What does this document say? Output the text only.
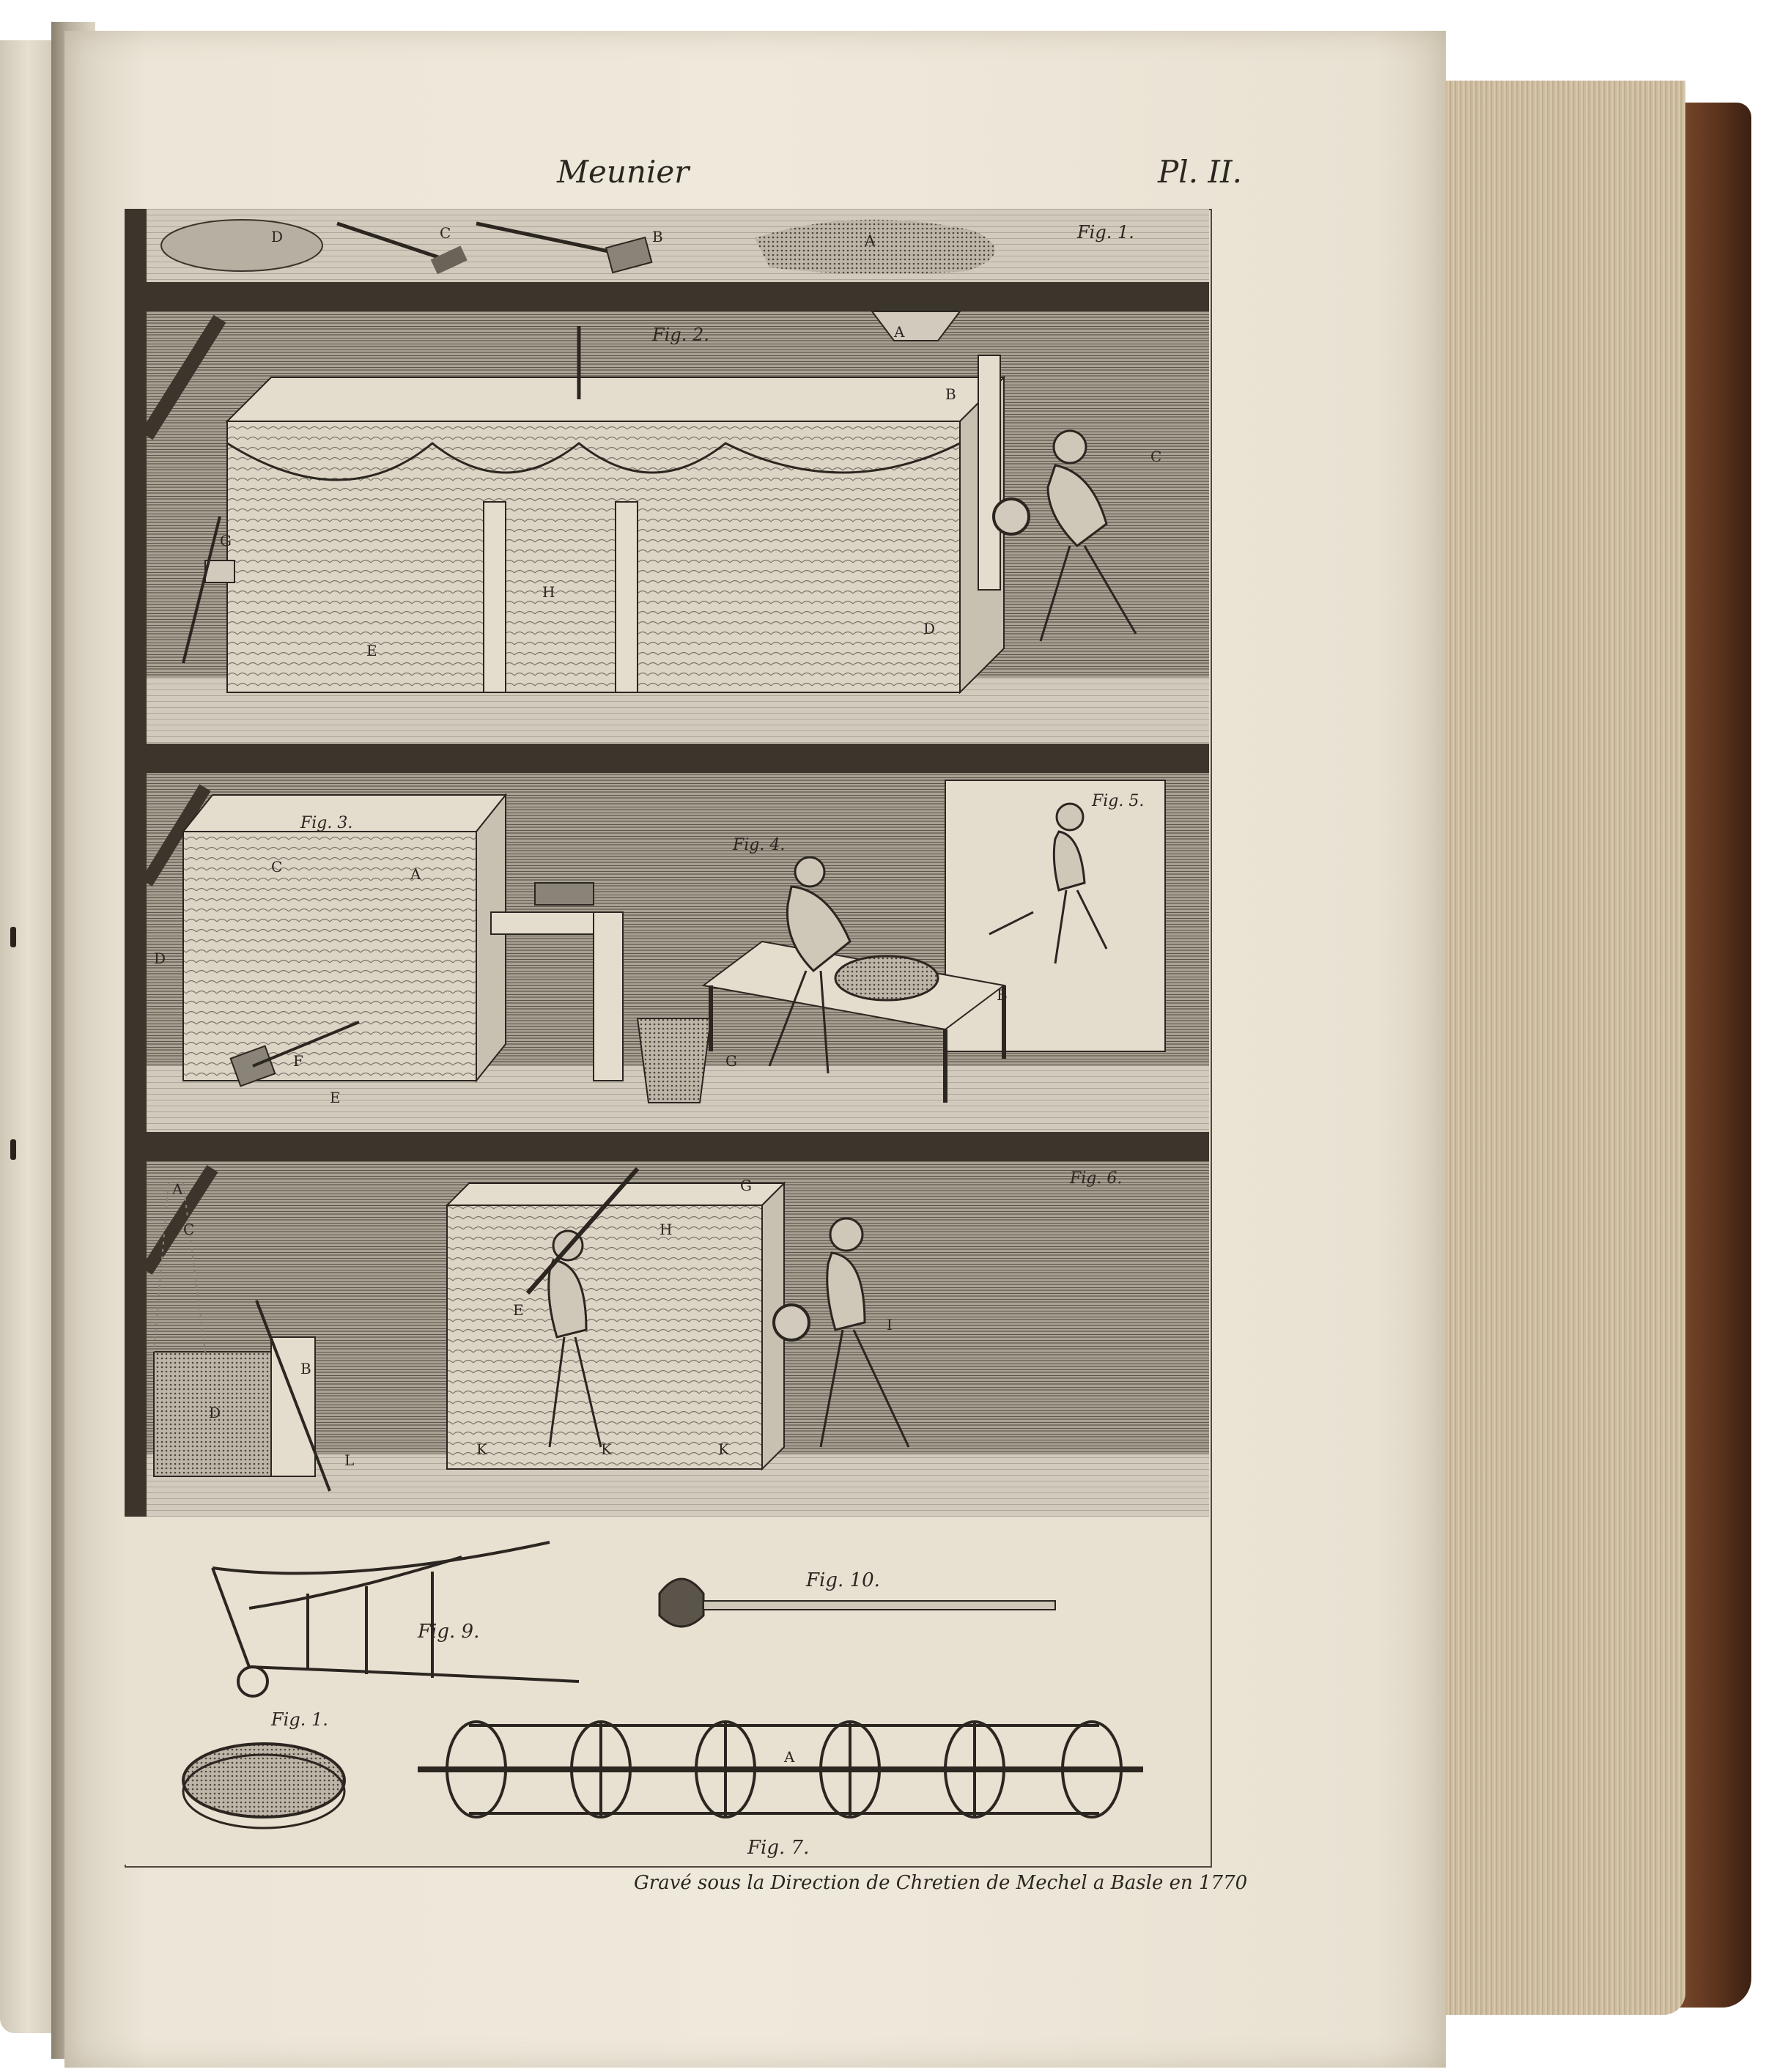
Meunier	Pl. II.
D	C	B	A	Fig. 1.
A
B
C
D
E
G
H
Fig. 2.
A
B
C
D
E
F	G
Fig. 3.
Fig. 4.
Fig. 5.
A
B
C
D
E
G
H
I
K	K	K
L
Fig. 6.
Fig. 9.
Fig. 10.
Fig. 1.
A
Fig. 7.
Gravé sous la Direction de Chretien de Mechel a Basle en 1770
